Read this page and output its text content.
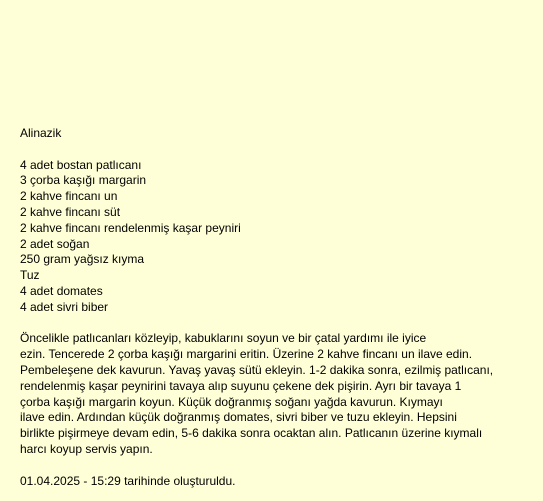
Alinazik
4 adet bostan patlıcanı
3 çorba kaşığı margarin
2 kahve fincanı un
2 kahve fincanı süt
2 kahve fincanı rendelenmiş kaşar peyniri
2 adet soğan
250 gram yağsız kıyma
Tuz
4 adet domates
4 adet sivri biber
Öncelikle patlıcanları közleyip, kabuklarını soyun ve bir çatal yardımı ile iyice
ezin. Tencerede 2 çorba kaşığı margarini eritin. Üzerine 2 kahve fincanı un ilave edin.
Pembeleşene dek kavurun. Yavaş yavaş sütü ekleyin. 1-2 dakika sonra, ezilmiş patlıcanı,
rendelenmiş kaşar peynirini tavaya alıp suyunu çekene dek pişirin. Ayrı bir tavaya 1
çorba kaşığı margarin koyun. Küçük doğranmış soğanı yağda kavurun. Kıymayı
ilave edin. Ardından küçük doğranmış domates, sivri biber ve tuzu ekleyin. Hepsini
birlikte pişirmeye devam edin, 5-6 dakika sonra ocaktan alın. Patlıcanın üzerine kıymalı
harcı koyup servis yapın.
01.04.2025 - 15:29 tarihinde oluşturuldu.
